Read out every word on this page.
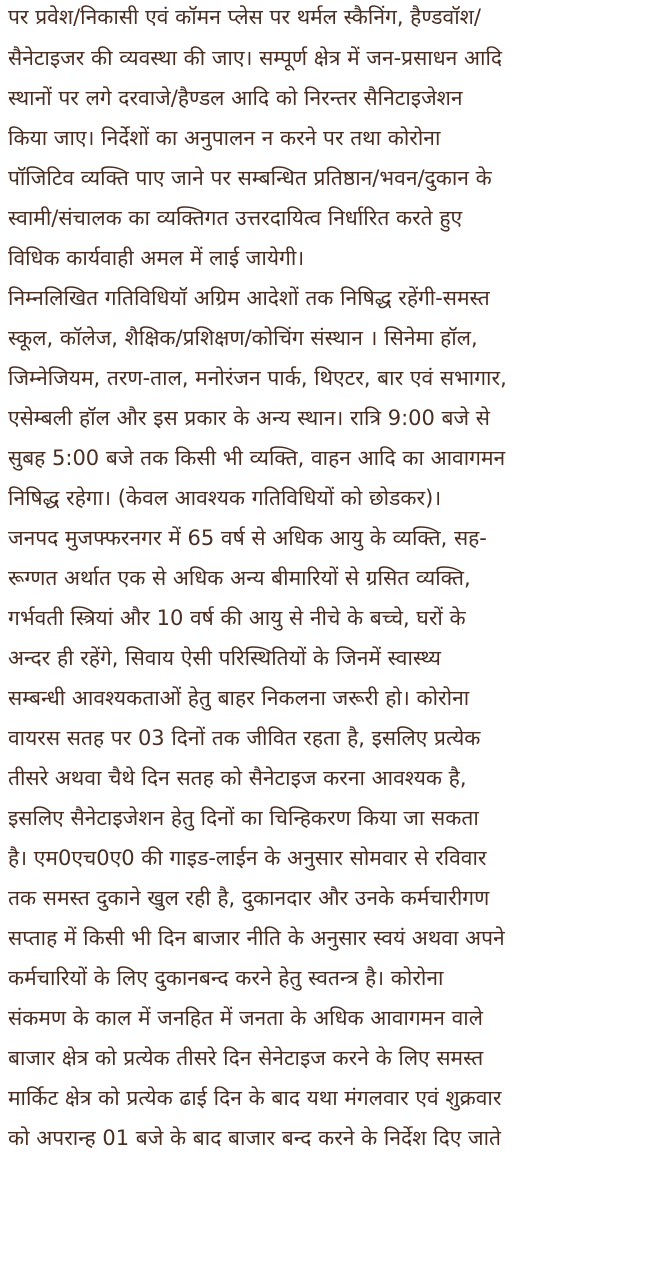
पर प्रवेश/निकासी एवं कॉमन प्लेस पर थर्मल स्कैनिंग, हैण्डवॉश/
सैनेटाइजर की व्यवस्था की जाए। सम्पूर्ण क्षेत्र में जन-प्रसाधन आदि
स्थानों पर लगे दरवाजे/हैण्डल आदि को निरन्तर सैनिटाइजेशन
किया जाए। निर्देशों का अनुपालन न करने पर तथा कोरोना
पॉजिटिव व्यक्ति पाए जाने पर सम्बन्धित प्रतिष्ठान/भवन/दुकान के
स्वामी/संचालक का व्यक्तिगत उत्तरदायित्व निर्धारित करते हुए
विधिक कार्यवाही अमल में लाई जायेगी।
निम्नलिखित गतिविधियॉ अग्रिम आदेशों तक निषिद्ध रहेंगी-समस्त
स्कूल, कॉलेज, शैक्षिक/प्रशिक्षण/कोचिंग संस्थान । सिनेमा हॉल,
जिम्नेजियम, तरण-ताल, मनोरंजन पार्क, थिएटर, बार एवं सभागार,
एसेम्बली हॉल और इस प्रकार के अन्य स्थान। रात्रि 9:00 बजे से
सुबह 5:00 बजे तक किसी भी व्यक्ति, वाहन आदि का आवागमन
निषिद्ध रहेगा। (केवल आवश्यक गतिविधियों को छोडकर)।
जनपद मुजफ्फरनगर में 65 वर्ष से अधिक आयु के व्यक्ति, सह-
रूग्णत अर्थात एक से अधिक अन्य बीमारियों से ग्रसित व्यक्ति,
गर्भवती स्त्रियां और 10 वर्ष की आयु से नीचे के बच्चे, घरों के
अन्दर ही रहेंगे, सिवाय ऐसी परिस्थितियों के जिनमें स्वास्थ्य
सम्बन्धी आवश्यकताओं हेतु बाहर निकलना जरूरी हो। कोरोना
वायरस सतह पर 03 दिनों तक जीवित रहता है, इसलिए प्रत्येक
तीसरे अथवा चैथे दिन सतह को सैनेटाइज करना आवश्यक है,
इसलिए सैनेटाइजेशन हेतु दिनों का चिन्हिकरण किया जा सकता
है। एम0एच0ए0 की गाइड-लाईन के अनुसार सोमवार से रविवार
तक समस्त दुकाने खुल रही है, दुकानदार और उनके कर्मचारीगण
सप्ताह में किसी भी दिन बाजार नीति के अनुसार स्वयं अथवा अपने
कर्मचारियों के लिए दुकानबन्द करने हेतु स्वतन्त्र है। कोरोना
संकमण के काल में जनहित में जनता के अधिक आवागमन वाले
बाजार क्षेत्र को प्रत्येक तीसरे दिन सेनेटाइज करने के लिए समस्त
मार्किट क्षेत्र को प्रत्येक ढाई दिन के बाद यथा मंगलवार एवं शुक्रवार
को अपरान्ह 01 बजे के बाद बाजार बन्द करने के निर्देश दिए जाते
